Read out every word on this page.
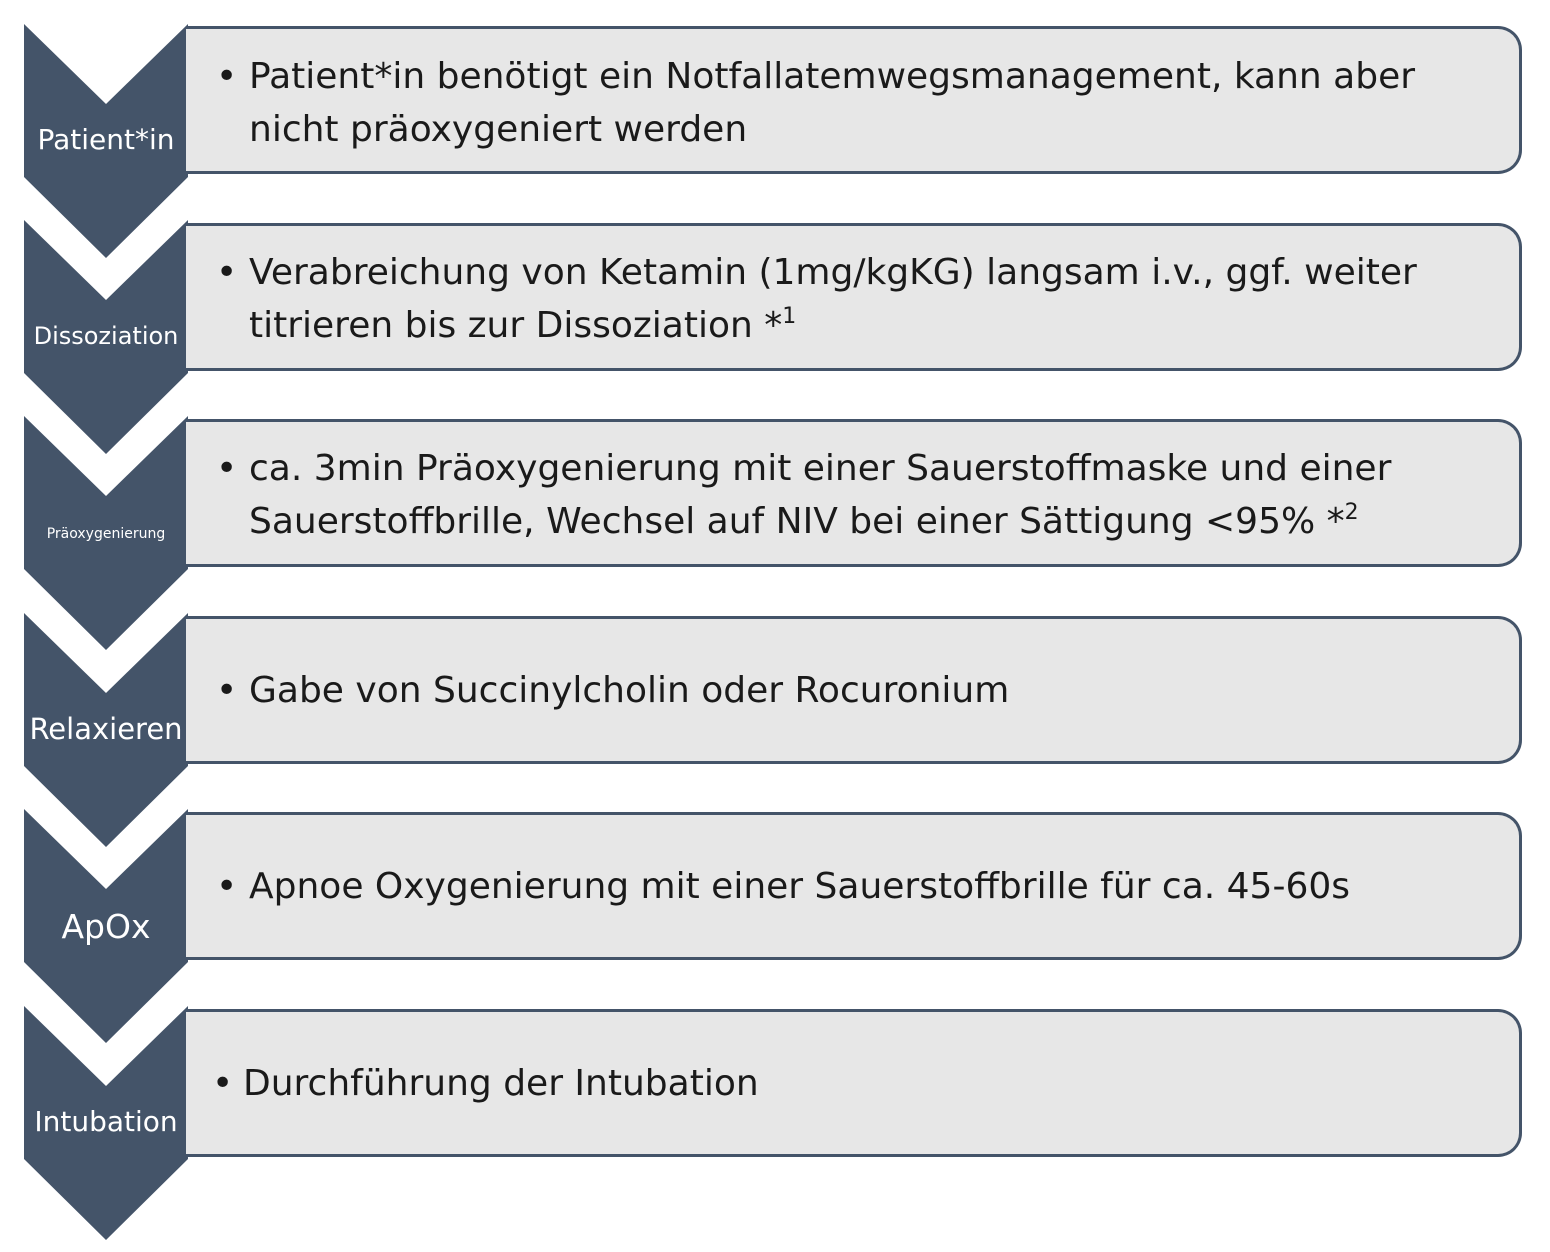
Patient*in
• Patient*in benötigt ein Notfallatemwegsmanagement, kann aber
nicht präoxygeniert werden
Dissoziation
• Verabreichung von Ketamin (1mg/kgKG) langsam i.v., ggf. weiter
titrieren bis zur Dissoziation *$^1$
Präoxygenierung
• ca. 3min Präoxygenierung mit einer Sauerstoffmaske und einer
Sauerstoffbrille, Wechsel auf NIV bei einer Sättigung <95% *$^2$
Relaxieren
• Gabe von Succinylcholin oder Rocuronium
ApOx
• Apnoe Oxygenierung mit einer Sauerstoffbrille für ca. 45-60s
Intubation
• Durchführung der Intubation
